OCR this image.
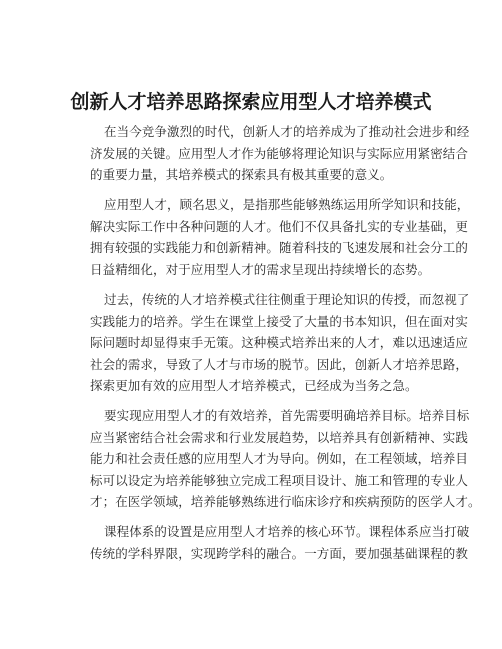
创新人才培养思路探索应用型人才培养模式
在当今竞争激烈的时代，创新人才的培养成为了推动社会进步和经
济发展的关键。应用型人才作为能够将理论知识与实际应用紧密结合
的重要力量，其培养模式的探索具有极其重要的意义。
应用型人才，顾名思义，是指那些能够熟练运用所学知识和技能，
解决实际工作中各种问题的人才。他们不仅具备扎实的专业基础，更
拥有较强的实践能力和创新精神。随着科技的飞速发展和社会分工的
日益精细化，对于应用型人才的需求呈现出持续增长的态势。
过去，传统的人才培养模式往往侧重于理论知识的传授，而忽视了
实践能力的培养。学生在课堂上接受了大量的书本知识，但在面对实
际问题时却显得束手无策。这种模式培养出来的人才，难以迅速适应
社会的需求，导致了人才与市场的脱节。因此，创新人才培养思路，
探索更加有效的应用型人才培养模式，已经成为当务之急。
要实现应用型人才的有效培养，首先需要明确培养目标。培养目标
应当紧密结合社会需求和行业发展趋势，以培养具有创新精神、实践
能力和社会责任感的应用型人才为导向。例如，在工程领域，培养目
标可以设定为培养能够独立完成工程项目设计、施工和管理的专业人
才；在医学领域，培养能够熟练进行临床诊疗和疾病预防的医学人才。
课程体系的设置是应用型人才培养的核心环节。课程体系应当打破
传统的学科界限，实现跨学科的融合。一方面，要加强基础课程的教
